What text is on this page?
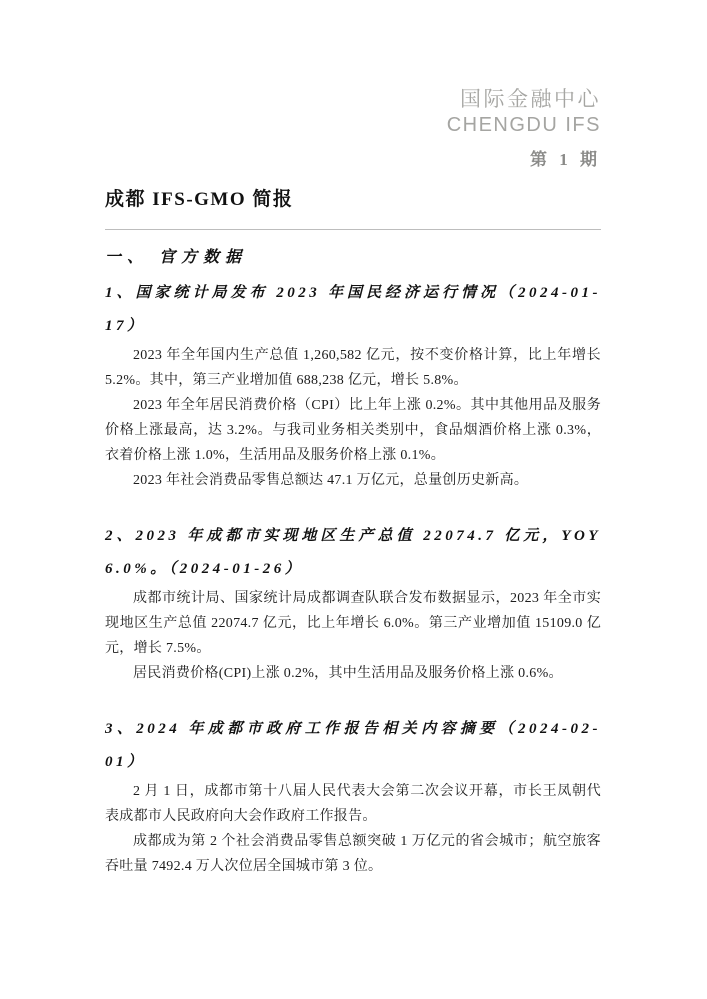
国际金融中心
CHENGDU IFS
第 1 期
成都 IFS-GMO 简报
一、 官方数据
1、国家统计局发布 2023 年国民经济运行情况（2024-01-17）

2023 年全年国内生产总值 1,260,582 亿元，按不变价格计算，比上年增长 5.2%。其中，第三产业增加值 688,238 亿元，增长 5.8%。

2023 年全年居民消费价格（CPI）比上年上涨 0.2%。其中其他用品及服务价格上涨最高，达 3.2%。与我司业务相关类别中，食品烟酒价格上涨 0.3%，衣着价格上涨 1.0%，生活用品及服务价格上涨 0.1%。

2023 年社会消费品零售总额达 47.1 万亿元，总量创历史新高。

2、2023 年成都市实现地区生产总值 22074.7 亿元，YOY 6.0%。（2024-01-26）

成都市统计局、国家统计局成都调查队联合发布数据显示，2023 年全市实现地区生产总值 22074.7 亿元，比上年增长 6.0%。第三产业增加值 15109.0 亿元，增长 7.5%。

居民消费价格(CPI)上涨 0.2%，其中生活用品及服务价格上涨 0.6%。

3、2024 年成都市政府工作报告相关内容摘要（2024-02-01）

2 月 1 日，成都市第十八届人民代表大会第二次会议开幕，市长王凤朝代表成都市人民政府向大会作政府工作报告。

成都成为第 2 个社会消费品零售总额突破 1 万亿元的省会城市；航空旅客吞吐量 7492.4 万人次位居全国城市第 3 位。
